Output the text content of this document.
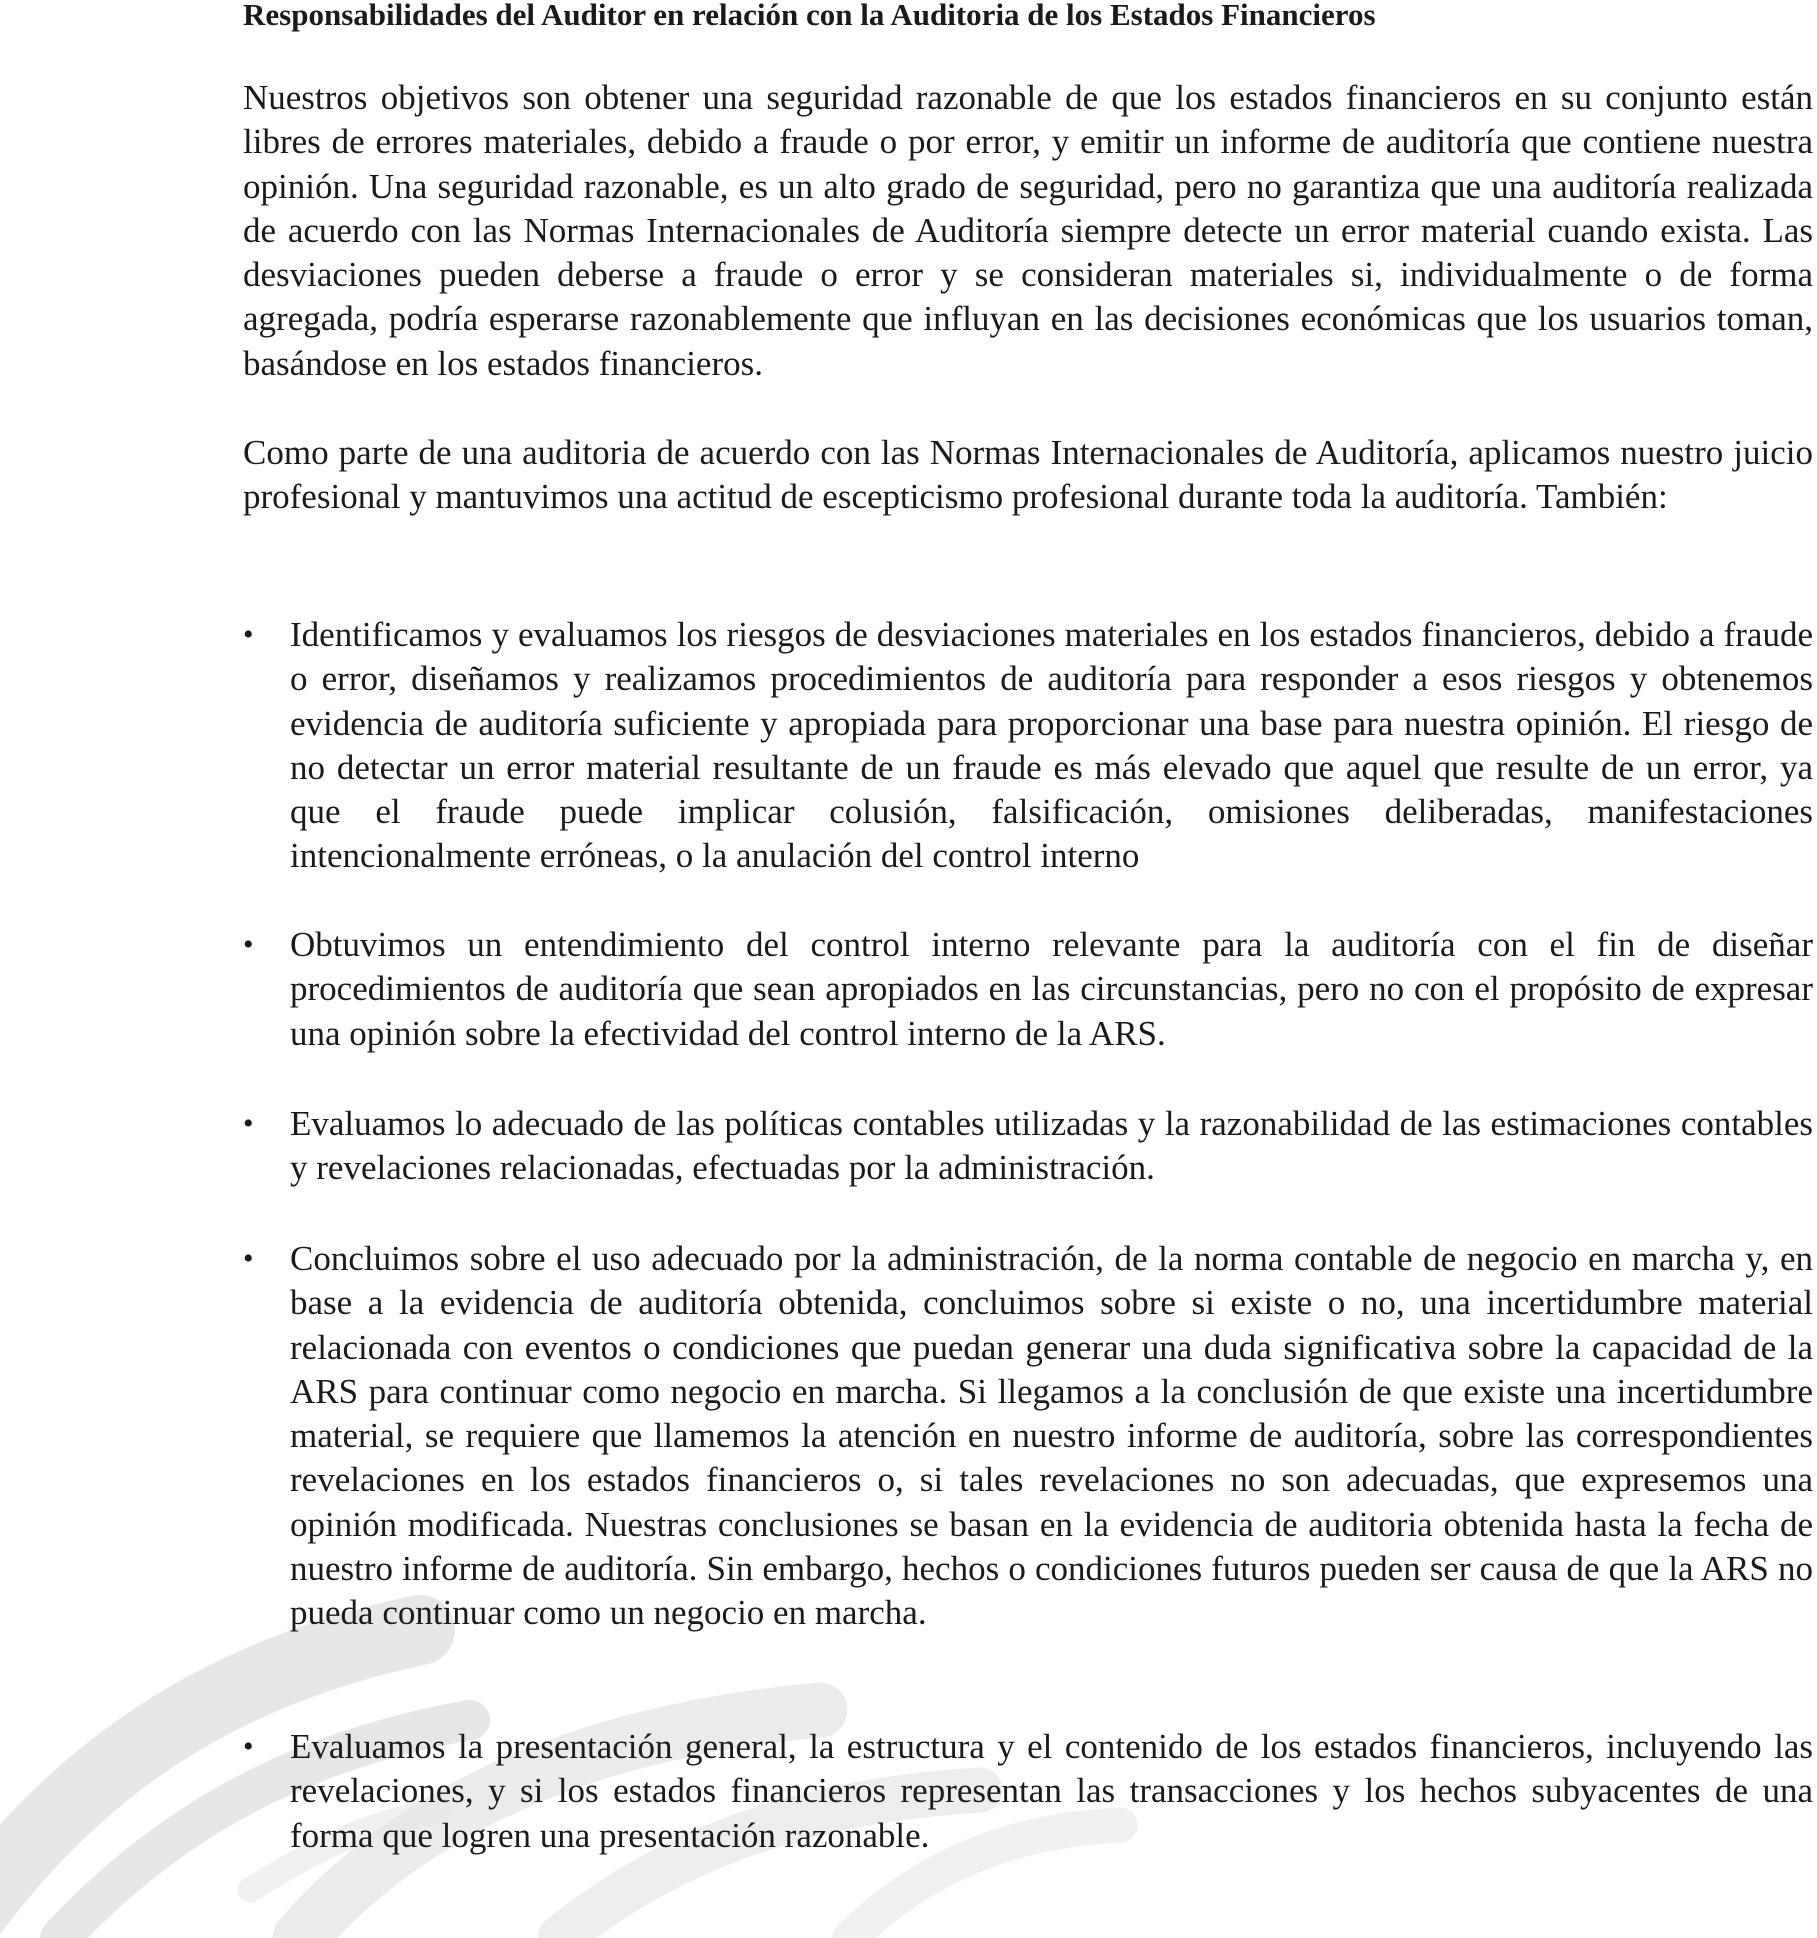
Responsabilidades del Auditor en relación con la Auditoria de los Estados Financieros

Nuestros objetivos son obtener una seguridad razonable de que los estados financieros en su conjunto están libres de errores materiales, debido a fraude o por error, y emitir un informe de auditoría que contiene nuestra opinión. Una seguridad razonable, es un alto grado de seguridad, pero no garantiza que una auditoría realizada de acuerdo con las Normas Internacionales de Auditoría siempre detecte un error material cuando exista. Las desviaciones pueden deberse a fraude o error y se consideran materiales si, individualmente o de forma agregada, podría esperarse razonablemente que influyan en las decisiones económicas que los usuarios toman, basándose en los estados financieros.

Como parte de una auditoria de acuerdo con las Normas Internacionales de Auditoría, aplicamos nuestro juicio profesional y mantuvimos una actitud de escepticismo profesional durante toda la auditoría. También:

•	Identificamos y evaluamos los riesgos de desviaciones materiales en los estados financieros, debido a fraude o error, diseñamos y realizamos procedimientos de auditoría para responder a esos riesgos y obtenemos evidencia de auditoría suficiente y apropiada para proporcionar una base para nuestra opinión. El riesgo de no detectar un error material resultante de un fraude es más elevado que aquel que resulte de un error, ya que el fraude puede implicar colusión, falsificación, omisiones deliberadas, manifestaciones intencionalmente erróneas, o la anulación del control interno

•	Obtuvimos un entendimiento del control interno relevante para la auditoría con el fin de diseñar procedimientos de auditoría que sean apropiados en las circunstancias, pero no con el propósito de expresar una opinión sobre la efectividad del control interno de la ARS.

•	Evaluamos lo adecuado de las políticas contables utilizadas y la razonabilidad de las estimaciones contables y revelaciones relacionadas, efectuadas por la administración.

•	Concluimos sobre el uso adecuado por la administración, de la norma contable de negocio en marcha y, en base a la evidencia de auditoría obtenida, concluimos sobre si existe o no, una incertidumbre material relacionada con eventos o condiciones que puedan generar una duda significativa sobre la capacidad de la ARS para continuar como negocio en marcha. Si llegamos a la conclusión de que existe una incertidumbre material, se requiere que llamemos la atención en nuestro informe de auditoría, sobre las correspondientes revelaciones en los estados financieros o, si tales revelaciones no son adecuadas, que expresemos una opinión modificada. Nuestras conclusiones se basan en la evidencia de auditoria obtenida hasta la fecha de nuestro informe de auditoría. Sin embargo, hechos o condiciones futuros pueden ser causa de que la ARS no pueda continuar como un negocio en marcha.

•	Evaluamos la presentación general, la estructura y el contenido de los estados financieros, incluyendo las revelaciones, y si los estados financieros representan las transacciones y los hechos subyacentes de una forma que logren una presentación razonable.
